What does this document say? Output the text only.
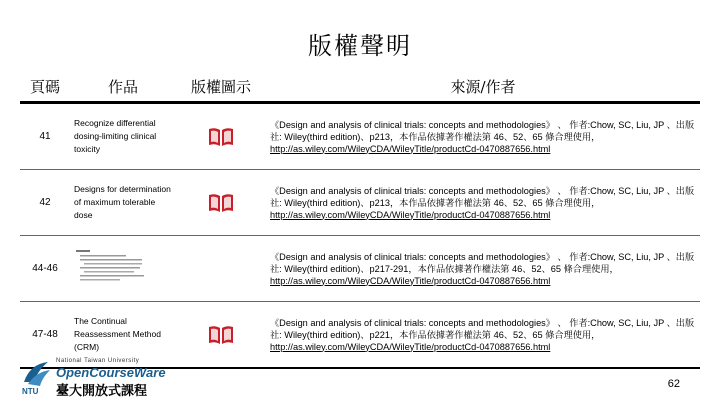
版權聲明
頁碼	作品	版權圖示	來源/作者
41	Recognize differential dosing-limiting clinical toxicity		《Design and analysis of clinical trials: concepts and methodologies》 、 作者:Chow, SC, Liu, JP 、出版社: Wiley(third edition)、p213，本作品依據著作權法第 46、52、65 條合理使用，
http://as.wiley.com/WileyCDA/WileyTitle/productCd-0470887656.html
42	Designs for determination of maximum tolerable dose		《Design and analysis of clinical trials: concepts and methodologies》 、 作者:Chow, SC, Liu, JP 、出版社: Wiley(third edition)、p213，本作品依據著作權法第 46、52、65 條合理使用，
http://as.wiley.com/WileyCDA/WileyTitle/productCd-0470887656.html
44-46			《Design and analysis of clinical trials: concepts and methodologies》 、 作者:Chow, SC, Liu, JP 、出版社: Wiley(third edition)、p217-291，本作品依據著作權法第 46、52、65 條合理使用，
http://as.wiley.com/WileyCDA/WileyTitle/productCd-0470887656.html
47-48	The Continual Reassessment Method (CRM)		《Design and analysis of clinical trials: concepts and methodologies》 、 作者:Chow, SC, Liu, JP 、出版社: Wiley(third edition)、p221，本作品依據著作權法第 46、52、65 條合理使用，
http://as.wiley.com/WileyCDA/WileyTitle/productCd-0470887656.html
NTU
National Taiwan University
OpenCourseWare
臺大開放式課程	62
